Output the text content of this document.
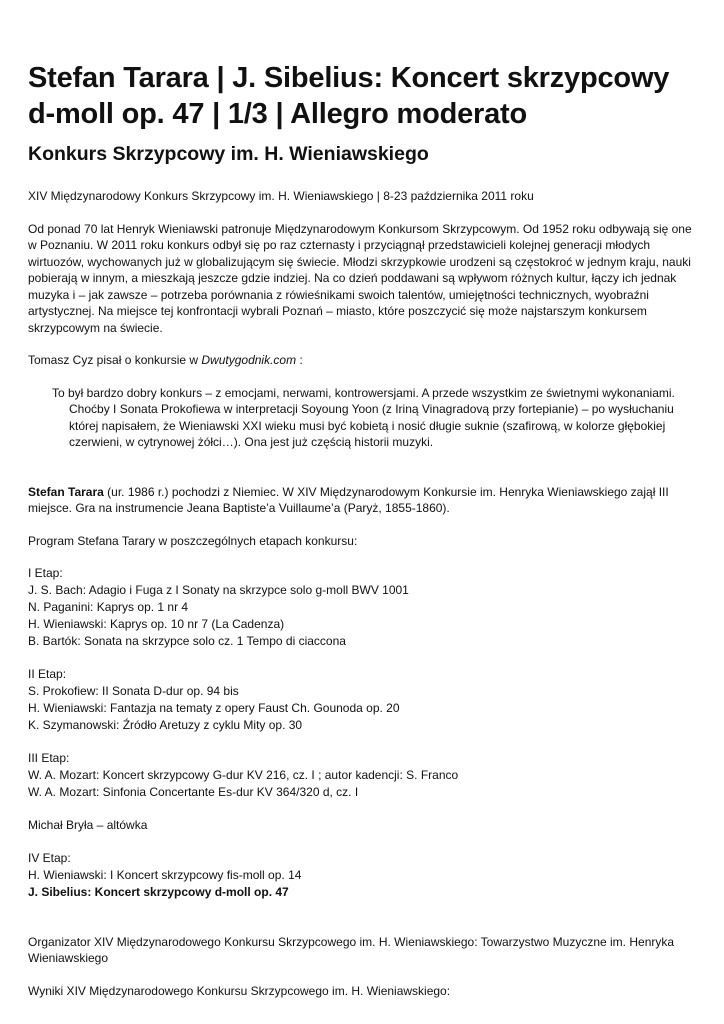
Stefan Tarara | J. Sibelius: Koncert skrzypcowy d-moll op. 47 | 1/3 | Allegro moderato
Konkurs Skrzypcowy im. H. Wieniawskiego

XIV Międzynarodowy Konkurs Skrzypcowy im. H. Wieniawskiego | 8-23 października 2011 roku

Od ponad 70 lat Henryk Wieniawski patronuje Międzynarodowym Konkursom Skrzypcowym. Od 1952 roku odbywają się one w Poznaniu. W 2011 roku konkurs odbył się po raz czternasty i przyciągnął przedstawicieli kolejnej generacji młodych wirtuozów, wychowanych już w globalizującym się świecie. Młodzi skrzypkowie urodzeni są częstokroć w jednym kraju, nauki pobierają w innym, a mieszkają jeszcze gdzie indziej. Na co dzień poddawani są wpływom różnych kultur, łączy ich jednak muzyka i – jak zawsze – potrzeba porównania z rówieśnikami swoich talentów, umiejętności technicznych, wyobraźni artystycznej. Na miejsce tej konfrontacji wybrali Poznań – miasto, które poszczycić się może najstarszym konkursem skrzypcowym na świecie.

Tomasz Cyz pisał o konkursie w Dwutygodnik.com :

To był bardzo dobry konkurs – z emocjami, nerwami, kontrowersjami. A przede wszystkim ze świetnymi wykonaniami. Choćby I Sonata Prokofiewa w interpretacji Soyoung Yoon (z Iriną Vinagradovą przy fortepianie) – po wysłuchaniu której napisałem, że Wieniawski XXI wieku musi być kobietą i nosić długie suknie (szafirową, w kolorze głębokiej czerwieni, w cytrynowej żółci…). Ona jest już częścią historii muzyki.

Stefan Tarara (ur. 1986 r.) pochodzi z Niemiec. W XIV Międzynarodowym Konkursie im. Henryka Wieniawskiego zajął III miejsce. Gra na instrumencie Jeana Baptiste’a Vuillaume’a (Paryż, 1855-1860).

Program Stefana Tarary w poszczególnych etapach konkursu:

I Etap:

J. S. Bach: Adagio i Fuga z I Sonaty na skrzypce solo g-moll BWV 1001

N. Paganini: Kaprys op. 1 nr 4

H. Wieniawski: Kaprys op. 10 nr 7 (La Cadenza)

B. Bartók: Sonata na skrzypce solo cz. 1 Tempo di ciaccona

II Etap:

S. Prokofiew: II Sonata D-dur op. 94 bis

H. Wieniawski: Fantazja na tematy z opery Faust Ch. Gounoda op. 20

K. Szymanowski: Źródło Aretuzy z cyklu Mity op. 30

III Etap:

W. A. Mozart: Koncert skrzypcowy G-dur KV 216, cz. I ; autor kadencji: S. Franco

W. A. Mozart: Sinfonia Concertante Es-dur KV 364/320 d, cz. I

Michał Bryła – altówka

IV Etap:

H. Wieniawski: I Koncert skrzypcowy fis-moll op. 14

J. Sibelius: Koncert skrzypcowy d-moll op. 47

Organizator XIV Międzynarodowego Konkursu Skrzypcowego im. H. Wieniawskiego: Towarzystwo Muzyczne im. Henryka Wieniawskiego

Wyniki XIV Międzynarodowego Konkursu Skrzypcowego im. H. Wieniawskiego:
